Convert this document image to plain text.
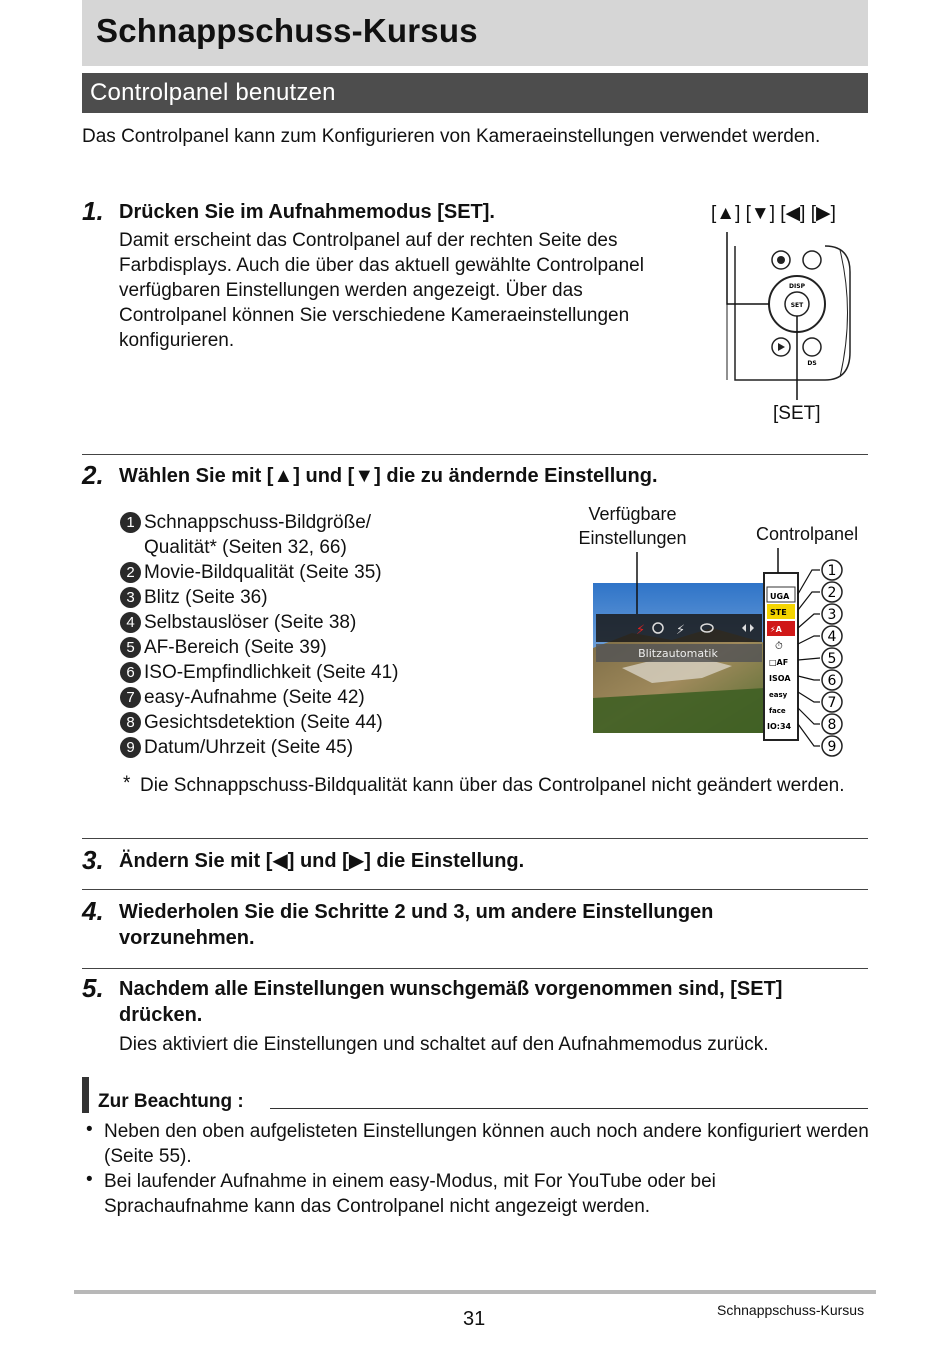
Schnappschuss-Kursus
Controlpanel benutzen
Das Controlpanel kann zum Konfigurieren von Kameraeinstellungen verwendet werden.
1. Drücken Sie im Aufnahmemodus [SET].
Damit erscheint das Controlpanel auf der rechten Seite des Farbdisplays. Auch die über das aktuell gewählte Controlpanel verfügbaren Einstellungen werden angezeigt. Über das Controlpanel können Sie verschiedene Kameraeinstellungen konfigurieren.
[▲] [▼] [◀] [▶]
DISP
SET
DS
[SET]
2. Wählen Sie mit [▲] und [▼] die zu ändernde Einstellung.
1 Schnappschuss-Bildgröße/ Qualität* (Seiten 32, 66)
2 Movie-Bildqualität (Seite 35)
3 Blitz (Seite 36)
4 Selbstauslöser (Seite 38)
5 AF-Bereich (Seite 39)
6 ISO-Empfindlichkeit (Seite 41)
7 easy-Aufnahme (Seite 42)
8 Gesichtsdetektion (Seite 44)
9 Datum/Uhrzeit (Seite 45)
Verfügbare Einstellungen	Controlpanel
⚡ ⚡
Blitzautomatik
UGA
STE
⚡A
⏱
□AF
ISOA
easy
face
IO:34
1
2
3
4
5
6
7
8
9
* Die Schnappschuss-Bildqualität kann über das Controlpanel nicht geändert werden.
3. Ändern Sie mit [◀] und [▶] die Einstellung.
4. Wiederholen Sie die Schritte 2 und 3, um andere Einstellungen vorzunehmen.
5. Nachdem alle Einstellungen wunschgemäß vorgenommen sind, [SET] drücken.
Dies aktiviert die Einstellungen und schaltet auf den Aufnahmemodus zurück.
Zur Beachtung :
• Neben den oben aufgelisteten Einstellungen können auch noch andere konfiguriert werden (Seite 55).
• Bei laufender Aufnahme in einem easy-Modus, mit For YouTube oder bei Sprachaufnahme kann das Controlpanel nicht angezeigt werden.
31	Schnappschuss-Kursus
